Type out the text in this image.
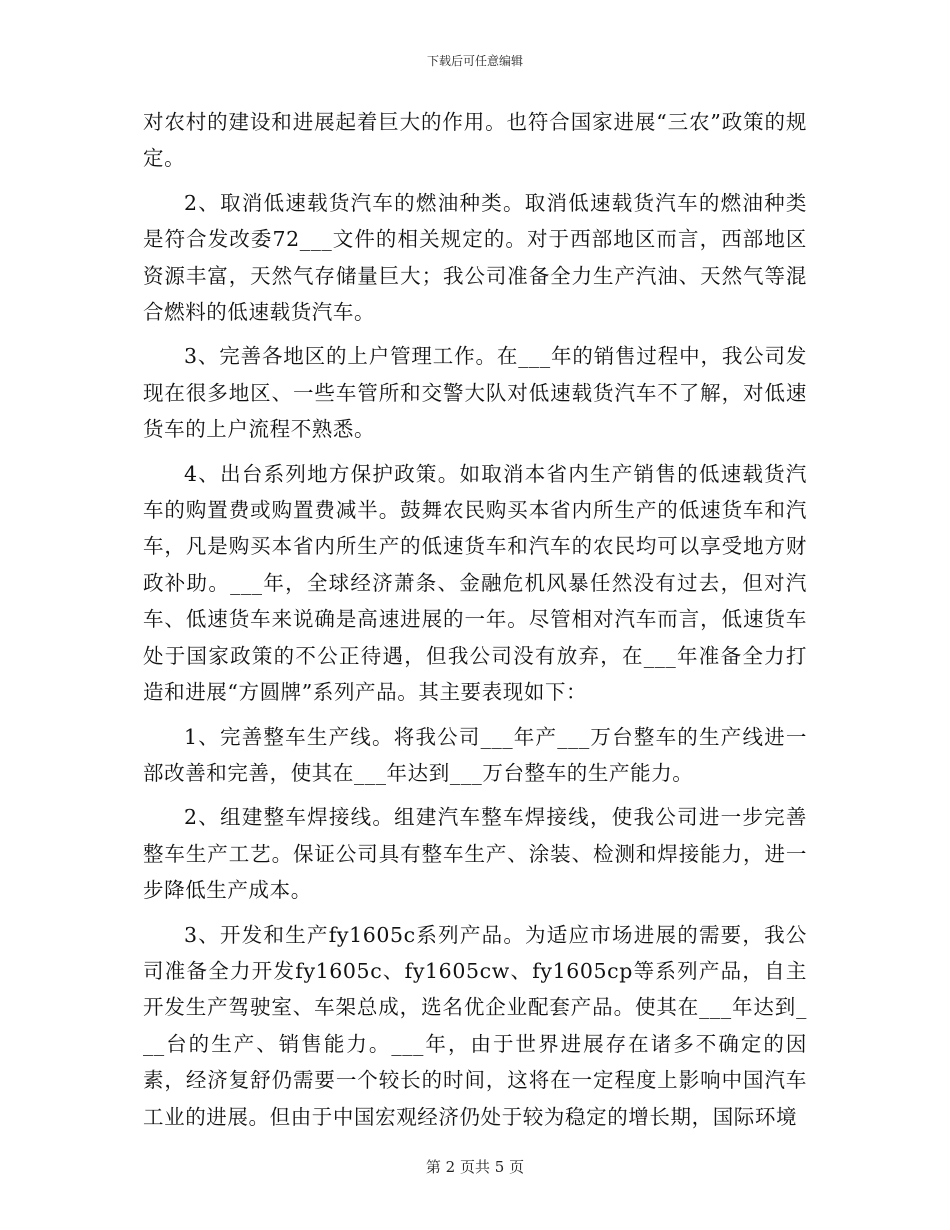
下载后可任意编辑

对农村的建设和进展起着巨大的作用。也符合国家进展“三农”政策的规定。

2、取消低速载货汽车的燃油种类。取消低速载货汽车的燃油种类是符合发改委72___文件的相关规定的。对于西部地区而言，西部地区资源丰富，天然气存储量巨大；我公司准备全力生产汽油、天然气等混合燃料的低速载货汽车。

3、完善各地区的上户管理工作。在___年的销售过程中，我公司发现在很多地区、一些车管所和交警大队对低速载货汽车不了解，对低速货车的上户流程不熟悉。

4、出台系列地方保护政策。如取消本省内生产销售的低速载货汽车的购置费或购置费减半。鼓舞农民购买本省内所生产的低速货车和汽车，凡是购买本省内所生产的低速货车和汽车的农民均可以享受地方财政补助。___年，全球经济萧条、金融危机风暴任然没有过去，但对汽车、低速货车来说确是高速进展的一年。尽管相对汽车而言，低速货车处于国家政策的不公正待遇，但我公司没有放弃，在___年准备全力打造和进展“方圆牌”系列产品。其主要表现如下：

1、完善整车生产线。将我公司___年产___万台整车的生产线进一部改善和完善，使其在___年达到___万台整车的生产能力。

2、组建整车焊接线。组建汽车整车焊接线，使我公司进一步完善整车生产工艺。保证公司具有整车生产、涂装、检测和焊接能力，进一步降低生产成本。

3、开发和生产fy1605c系列产品。为适应市场进展的需要，我公司准备全力开发fy1605c、fy1605cw、fy1605cp等系列产品，自主开发生产驾驶室、车架总成，选名优企业配套产品。使其在___年达到___台的生产、销售能力。___年，由于世界进展存在诸多不确定的因素，经济复舒仍需要一个较长的时间，这将在一定程度上影响中国汽车工业的进展。但由于中国宏观经济仍处于较为稳定的增长期，国际环境

第 2 页共 5 页
